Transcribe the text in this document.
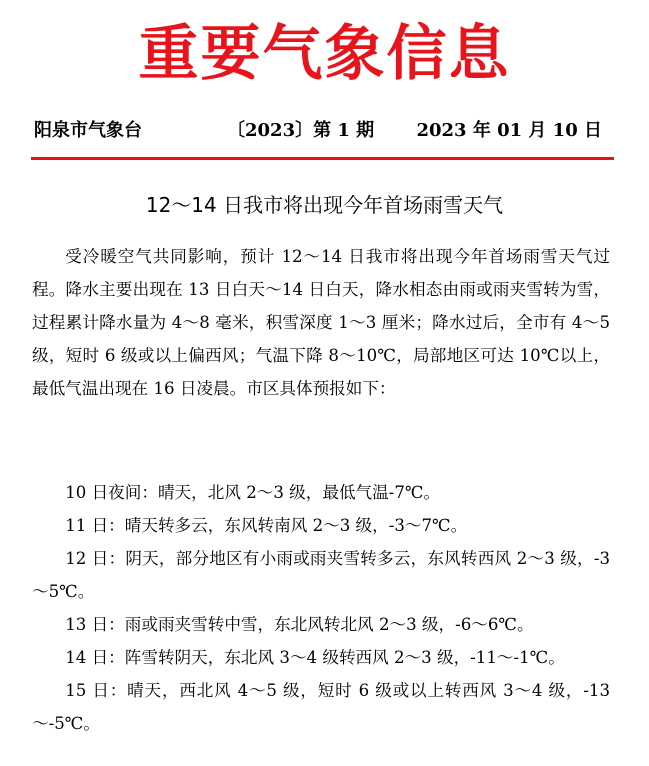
重要气象信息
阳泉市气象台	〔2023〕第 1 期 2023 年 01 月 10 日
12～14 日我市将出现今年首场雨雪天气

受冷暖空气共同影响，预计 12～14 日我市将出现今年首场雨雪天气过程。降水主要出现在 13 日白天～14 日白天，降水相态由雨或雨夹雪转为雪，过程累计降水量为 4～8 毫米，积雪深度 1～3 厘米；降水过后，全市有 4～5 级，短时 6 级或以上偏西风；气温下降 8～10℃，局部地区可达 10℃以上，最低气温出现在 16 日凌晨。市区具体预报如下：

10 日夜间：晴天，北风 2～3 级，最低气温-7℃。

11 日：晴天转多云，东风转南风 2～3 级，-3～7℃。

12 日：阴天，部分地区有小雨或雨夹雪转多云，东风转西风 2～3 级，-3～5℃。

13 日：雨或雨夹雪转中雪，东北风转北风 2～3 级，-6～6℃。

14 日：阵雪转阴天，东北风 3～4 级转西风 2～3 级，-11～-1℃。

15 日：晴天，西北风 4～5 级，短时 6 级或以上转西风 3～4 级，-13～-5℃。
